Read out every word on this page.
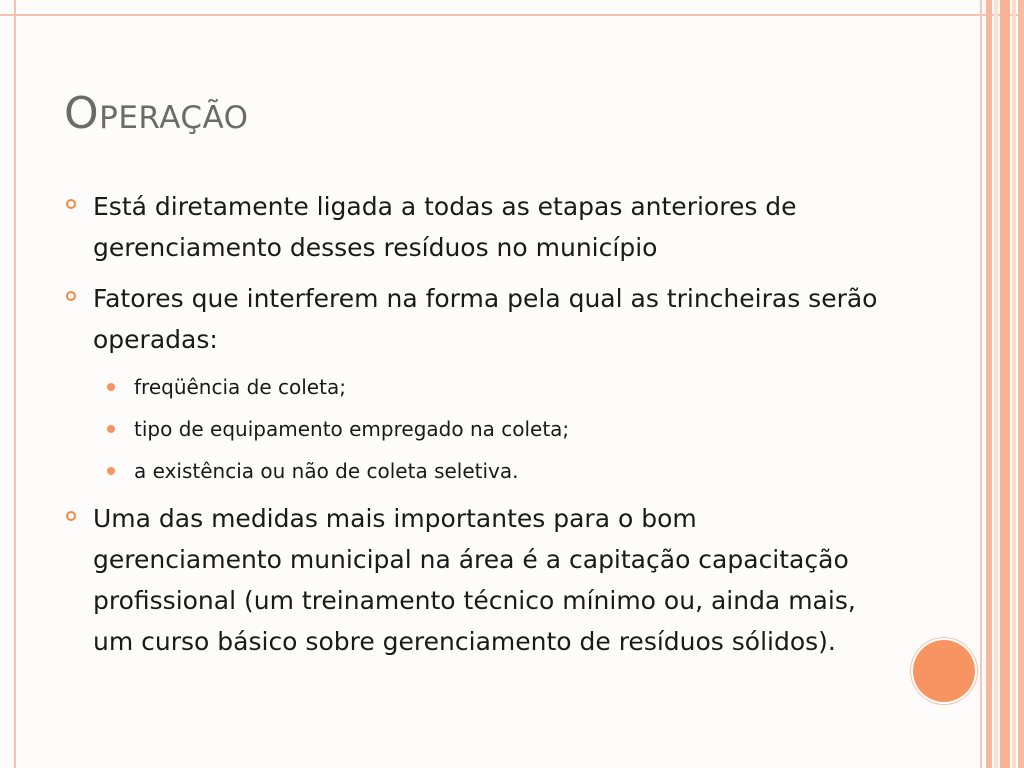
Operação
Está diretamente ligada a todas as etapas anteriores de gerenciamento desses resíduos no município
Fatores que interferem na forma pela qual as trincheiras serão operadas:
freqüência de coleta;
tipo de equipamento empregado na coleta;
a existência ou não de coleta seletiva.
Uma das medidas mais importantes para o bom gerenciamento municipal na área é a capitação capacitação profissional (um treinamento técnico mínimo ou, ainda mais, um curso básico sobre gerenciamento de resíduos sólidos).
